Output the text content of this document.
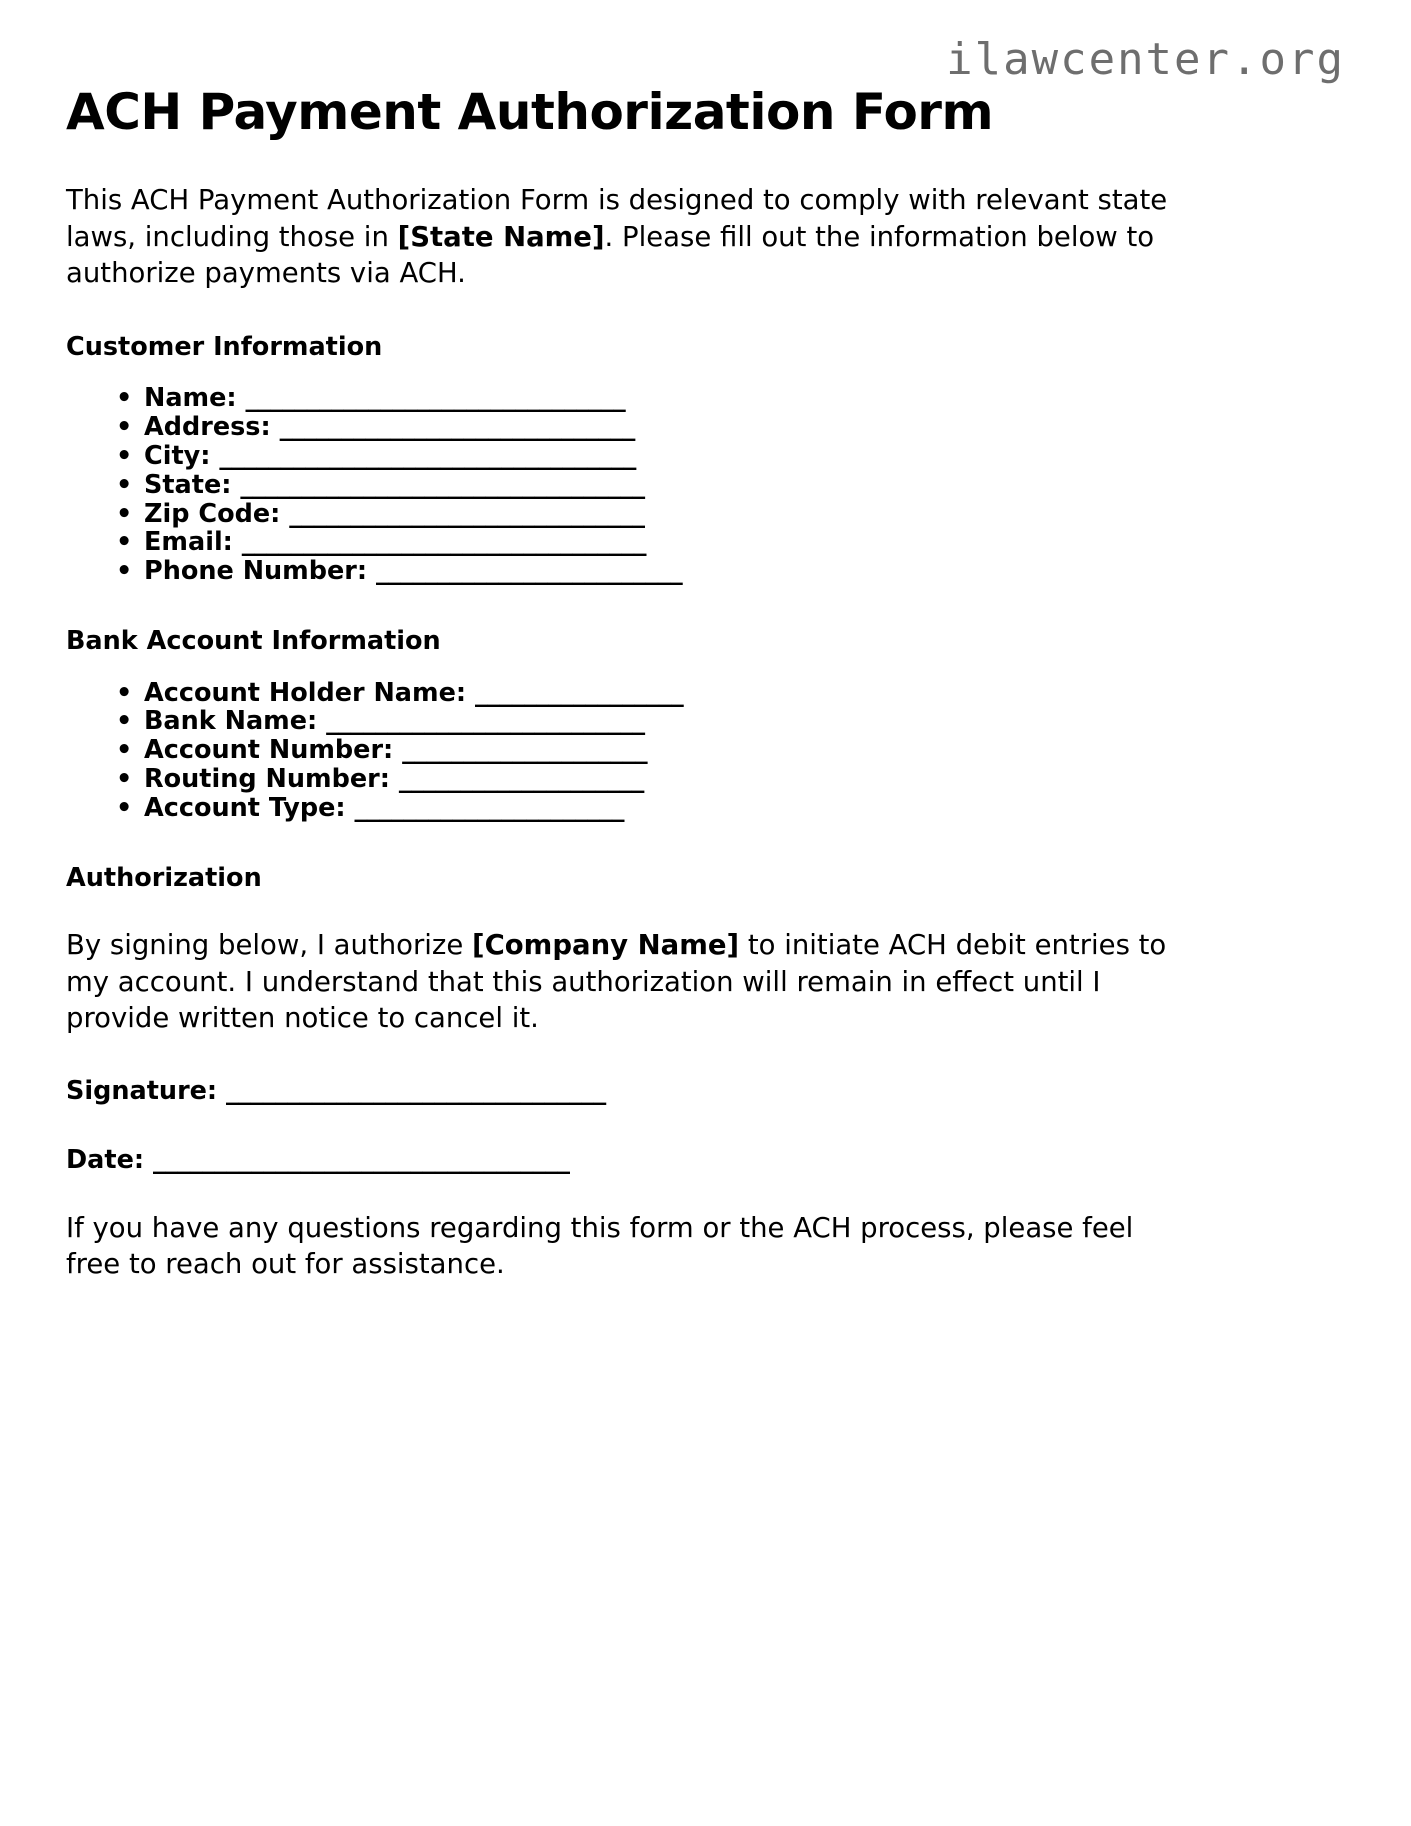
ilawcenter.org
ACH Payment Authorization Form

This ACH Payment Authorization Form is designed to comply with relevant state laws, including those in [State Name]. Please fill out the information below to authorize payments via ACH.

Customer Information
• Name: _______________________________
• Address: _____________________________
• City: __________________________________
• State: _________________________________
• Zip Code: _____________________________
• Email: _________________________________
• Phone Number: _________________________
Bank Account Information
• Account Holder Name: _________________
• Bank Name: __________________________
• Account Number: ____________________
• Routing Number: ____________________
• Account Type: ______________________
Authorization

By signing below, I authorize [Company Name] to initiate ACH debit entries to my account. I understand that this authorization will remain in effect until I provide written notice to cancel it.

Signature: _______________________________

Date: __________________________________

If you have any questions regarding this form or the ACH process, please feel free to reach out for assistance.
